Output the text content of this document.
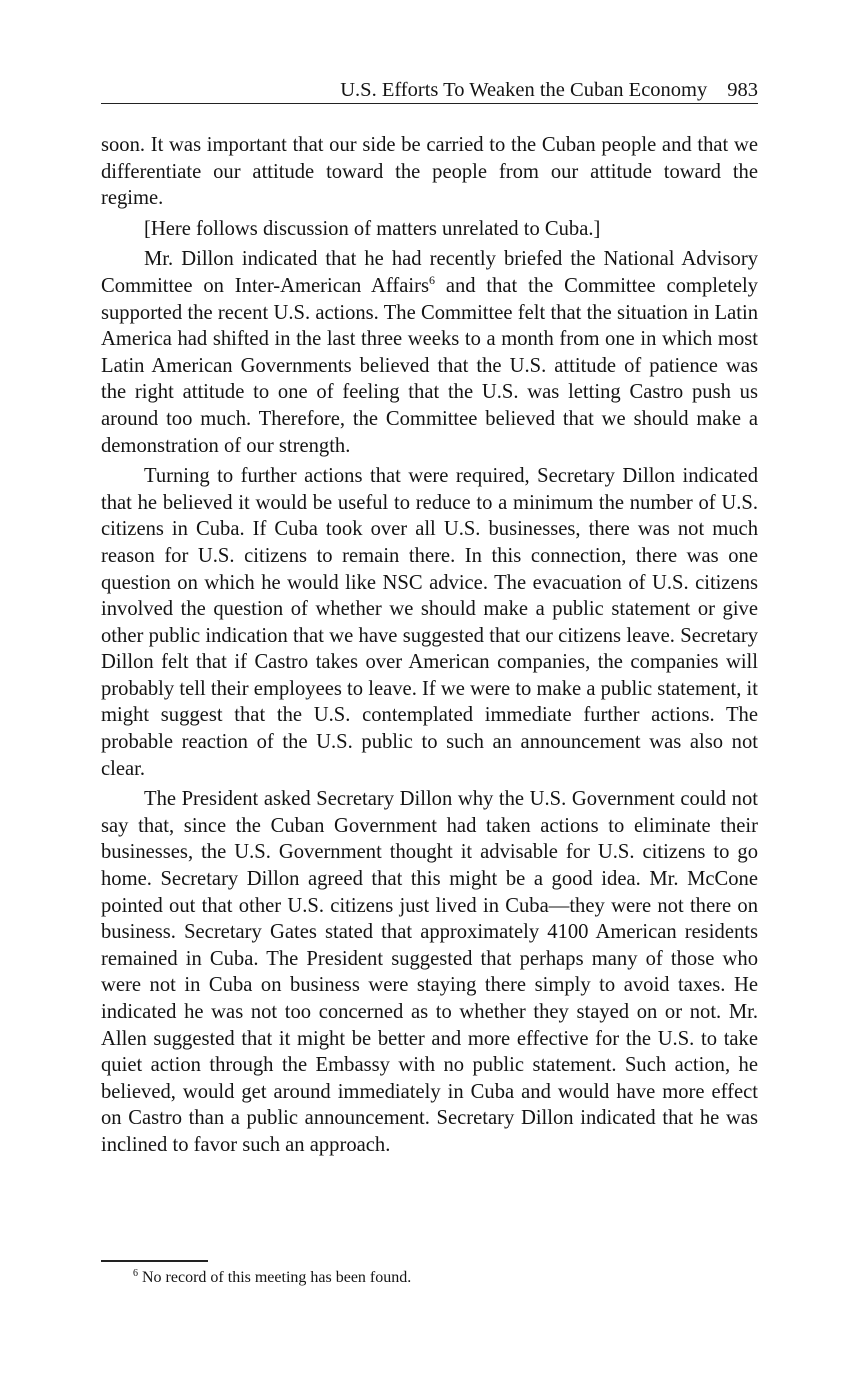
U.S. Efforts To Weaken the Cuban Economy 983

soon. It was important that our side be carried to the Cuban people and that we differentiate our attitude toward the people from our attitude toward the regime.

[Here follows discussion of matters unrelated to Cuba.]

Mr. Dillon indicated that he had recently briefed the National Advisory Committee on Inter-American Affairs$^6$ and that the Committee completely supported the recent U.S. actions. The Committee felt that the situation in Latin America had shifted in the last three weeks to a month from one in which most Latin American Governments believed that the U.S. attitude of patience was the right attitude to one of feeling that the U.S. was letting Castro push us around too much. Therefore, the Committee believed that we should make a demonstration of our strength.

Turning to further actions that were required, Secretary Dillon indicated that he believed it would be useful to reduce to a minimum the number of U.S. citizens in Cuba. If Cuba took over all U.S. businesses, there was not much reason for U.S. citizens to remain there. In this connection, there was one question on which he would like NSC advice. The evacuation of U.S. citizens involved the question of whether we should make a public statement or give other public indication that we have suggested that our citizens leave. Secretary Dillon felt that if Castro takes over American companies, the companies will probably tell their employees to leave. If we were to make a public statement, it might suggest that the U.S. contemplated immediate further actions. The probable reaction of the U.S. public to such an announcement was also not clear.

The President asked Secretary Dillon why the U.S. Government could not say that, since the Cuban Government had taken actions to eliminate their businesses, the U.S. Government thought it advisable for U.S. citizens to go home. Secretary Dillon agreed that this might be a good idea. Mr. McCone pointed out that other U.S. citizens just lived in Cuba—they were not there on business. Secretary Gates stated that approximately 4100 American residents remained in Cuba. The President suggested that perhaps many of those who were not in Cuba on business were staying there simply to avoid taxes. He indicated he was not too concerned as to whether they stayed on or not. Mr. Allen suggested that it might be better and more effective for the U.S. to take quiet action through the Embassy with no public statement. Such action, he believed, would get around immediately in Cuba and would have more effect on Castro than a public announcement. Secretary Dillon indicated that he was inclined to favor such an approach.

$^6$ No record of this meeting has been found.
